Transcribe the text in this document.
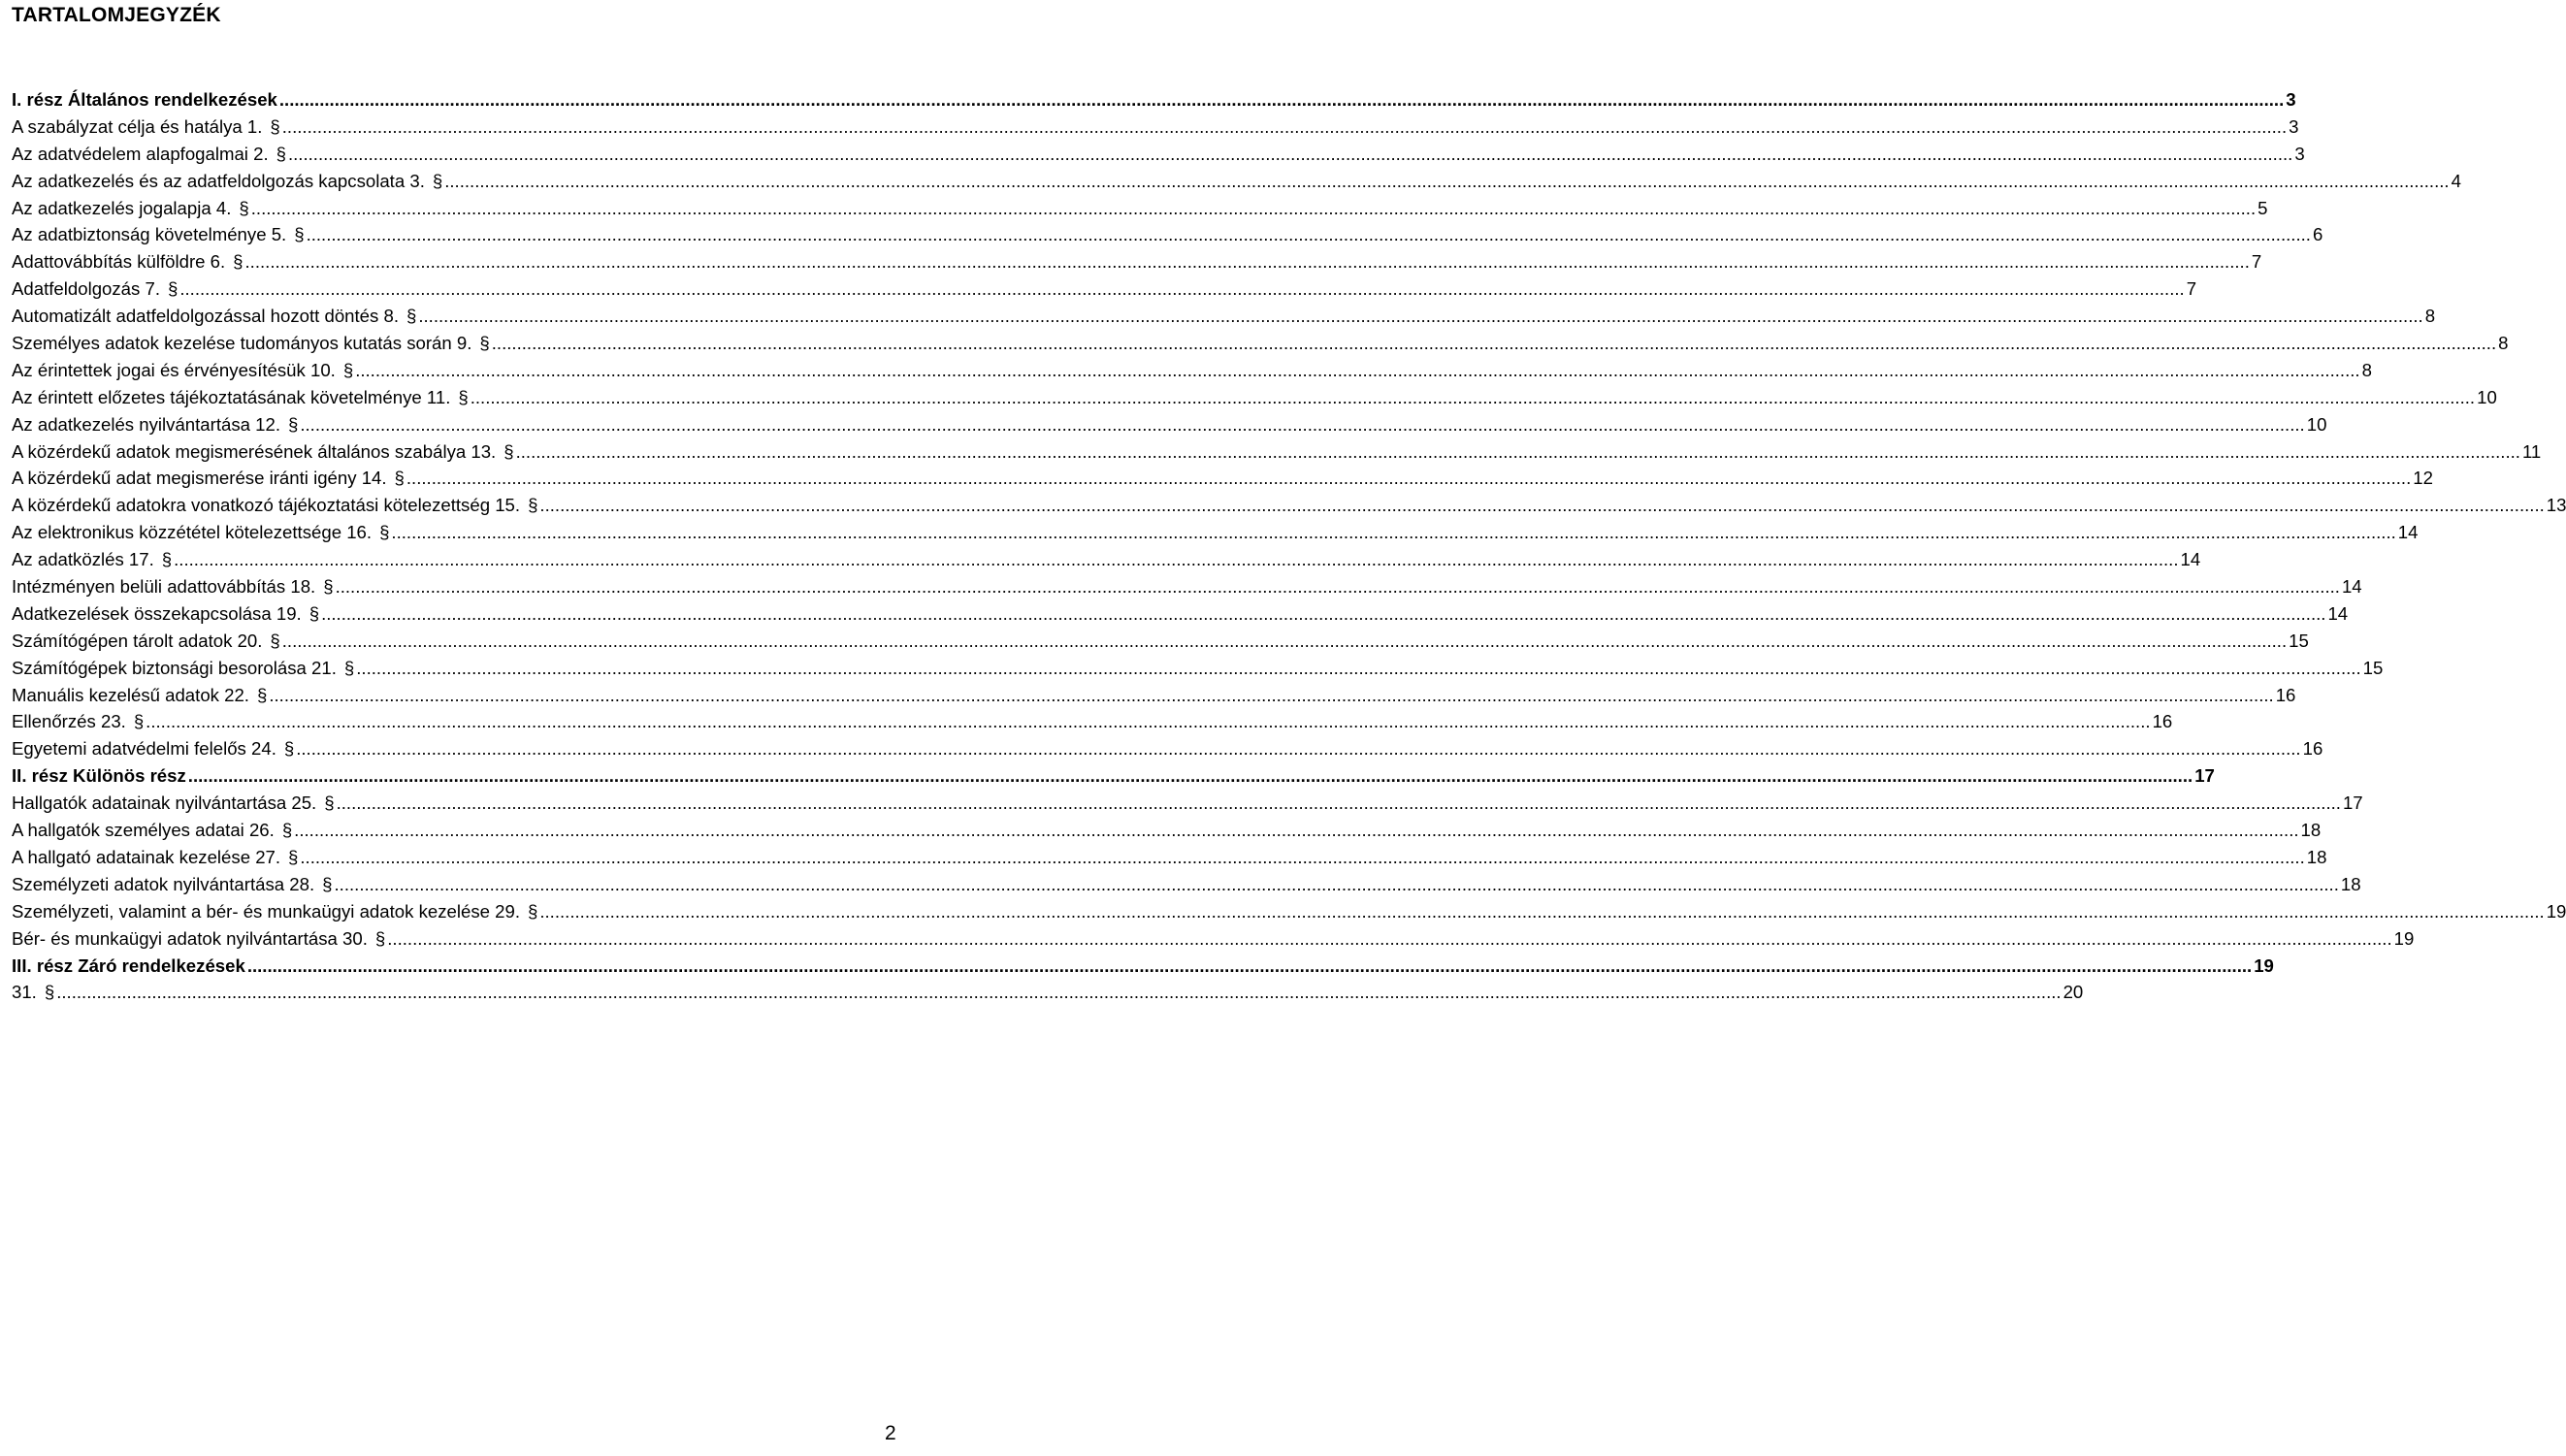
TARTALOMJEGYZÉK
I. rész Általános rendelkezések ................................................................................................................................................................................................................................................................................................................................................................................................................ 3
A szabályzat célja és hatálya 1. § ................................................................................................................................................................................................................................................................................................................................................................................................................ 3
Az adatvédelem alapfogalmai 2. § ................................................................................................................................................................................................................................................................................................................................................................................................................ 3
Az adatkezelés és az adatfeldolgozás kapcsolata 3. § ................................................................................................................................................................................................................................................................................................................................................................................................................ 4
Az adatkezelés jogalapja 4. § ................................................................................................................................................................................................................................................................................................................................................................................................................ 5
Az adatbiztonság követelménye 5. § ................................................................................................................................................................................................................................................................................................................................................................................................................ 6
Adattovábbítás külföldre 6. § ................................................................................................................................................................................................................................................................................................................................................................................................................ 7
Adatfeldolgozás 7. § ................................................................................................................................................................................................................................................................................................................................................................................................................ 7
Automatizált adatfeldolgozással hozott döntés 8. § ................................................................................................................................................................................................................................................................................................................................................................................................................ 8
Személyes adatok kezelése tudományos kutatás során 9. § ................................................................................................................................................................................................................................................................................................................................................................................................................ 8
Az érintettek jogai és érvényesítésük 10. § ................................................................................................................................................................................................................................................................................................................................................................................................................ 8
Az érintett előzetes tájékoztatásának követelménye 11. § ................................................................................................................................................................................................................................................................................................................................................................................................................ 10
Az adatkezelés nyilvántartása 12. § ................................................................................................................................................................................................................................................................................................................................................................................................................ 10
A közérdekű adatok megismerésének általános szabálya 13. § ................................................................................................................................................................................................................................................................................................................................................................................................................ 11
A közérdekű adat megismerése iránti igény 14. § ................................................................................................................................................................................................................................................................................................................................................................................................................ 12
A közérdekű adatokra vonatkozó tájékoztatási kötelezettség 15. § ................................................................................................................................................................................................................................................................................................................................................................................................................ 13
Az elektronikus közzététel kötelezettsége 16. § ................................................................................................................................................................................................................................................................................................................................................................................................................ 14
Az adatközlés 17. § ................................................................................................................................................................................................................................................................................................................................................................................................................ 14
Intézményen belüli adattovábbítás 18. § ................................................................................................................................................................................................................................................................................................................................................................................................................ 14
Adatkezelések összekapcsolása 19. § ................................................................................................................................................................................................................................................................................................................................................................................................................ 14
Számítógépen tárolt adatok 20. § ................................................................................................................................................................................................................................................................................................................................................................................................................ 15
Számítógépek biztonsági besorolása 21. § ................................................................................................................................................................................................................................................................................................................................................................................................................ 15
Manuális kezelésű adatok 22. § ................................................................................................................................................................................................................................................................................................................................................................................................................ 16
Ellenőrzés 23. § ................................................................................................................................................................................................................................................................................................................................................................................................................ 16
Egyetemi adatvédelmi felelős 24. § ................................................................................................................................................................................................................................................................................................................................................................................................................ 16
II. rész Különös rész ................................................................................................................................................................................................................................................................................................................................................................................................................ 17
Hallgatók adatainak nyilvántartása 25. § ................................................................................................................................................................................................................................................................................................................................................................................................................ 17
A hallgatók személyes adatai 26. § ................................................................................................................................................................................................................................................................................................................................................................................................................ 18
A hallgató adatainak kezelése 27. § ................................................................................................................................................................................................................................................................................................................................................................................................................ 18
Személyzeti adatok nyilvántartása 28. § ................................................................................................................................................................................................................................................................................................................................................................................................................ 18
Személyzeti, valamint a bér- és munkaügyi adatok kezelése 29. § ................................................................................................................................................................................................................................................................................................................................................................................................................ 19
Bér- és munkaügyi adatok nyilvántartása 30. § ................................................................................................................................................................................................................................................................................................................................................................................................................ 19
III. rész Záró rendelkezések ................................................................................................................................................................................................................................................................................................................................................................................................................ 19
31. § ................................................................................................................................................................................................................................................................................................................................................................................................................ 20
2
